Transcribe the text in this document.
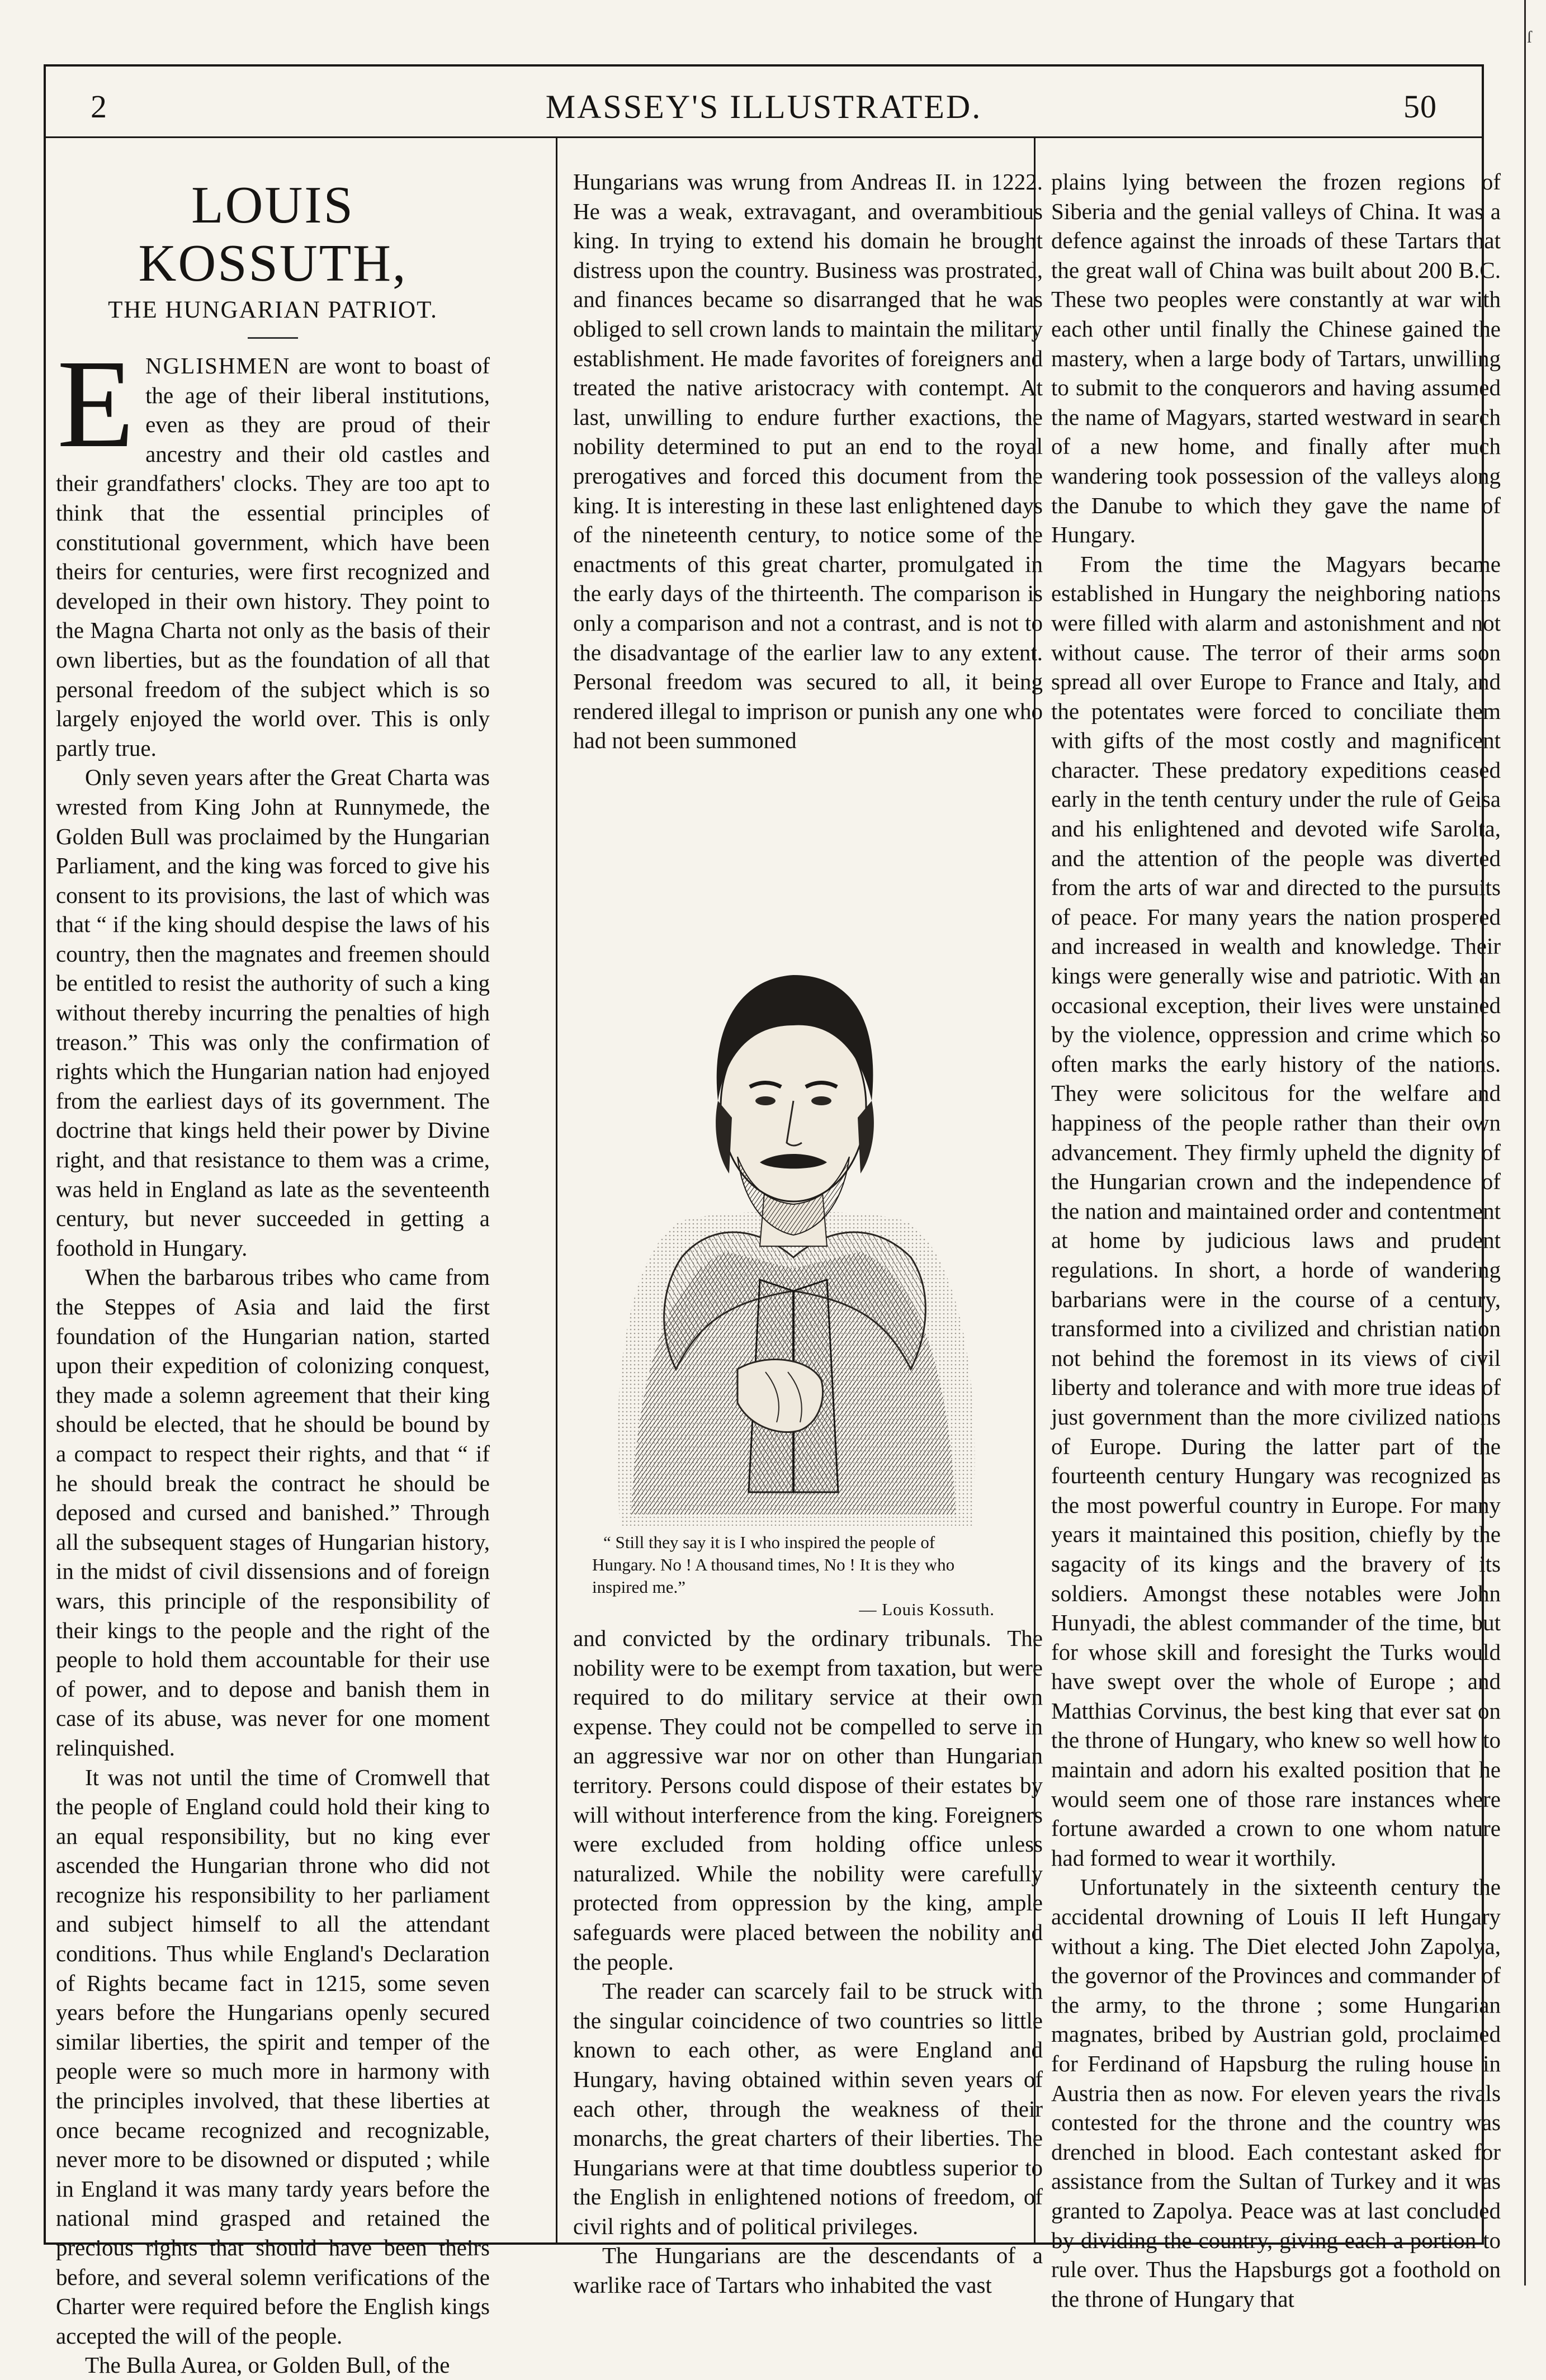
2	MASSEY'S ILLUSTRATED.	50
LOUIS KOSSUTH,
THE HUNGARIAN PATRIOT.

ENGLISHMEN are wont to boast of the age of their liberal institutions, even as they are proud of their ancestry and their old castles and their grandfathers' clocks. They are too apt to think that the essential principles of constitutional government, which have been theirs for centuries, were first recognized and developed in their own history. They point to the Magna Charta not only as the basis of their own liberties, but as the foundation of all that personal freedom of the subject which is so largely enjoyed the world over. This is only partly true.

Only seven years after the Great Charta was wrested from King John at Runnymede, the Golden Bull was proclaimed by the Hungarian Parliament, and the king was forced to give his consent to its provisions, the last of which was that “ if the king should despise the laws of his country, then the magnates and freemen should be entitled to resist the authority of such a king without thereby incurring the penalties of high treason.” This was only the confirmation of rights which the Hungarian nation had enjoyed from the earliest days of its government. The doctrine that kings held their power by Divine right, and that resistance to them was a crime, was held in England as late as the seventeenth century, but never succeeded in getting a foothold in Hungary.

When the barbarous tribes who came from the Steppes of Asia and laid the first foundation of the Hungarian nation, started upon their expedition of colonizing conquest, they made a solemn agreement that their king should be elected, that he should be bound by a compact to respect their rights, and that “ if he should break the contract he should be deposed and cursed and banished.” Through all the subsequent stages of Hungarian history, in the midst of civil dissensions and of foreign wars, this principle of the responsibility of their kings to the people and the right of the people to hold them accountable for their use of power, and to depose and banish them in case of its abuse, was never for one moment relinquished.

It was not until the time of Cromwell that the people of England could hold their king to an equal responsibility, but no king ever ascended the Hungarian throne who did not recognize his responsibility to her parliament and subject himself to all the attendant conditions. Thus while England's Declaration of Rights became fact in 1215, some seven years before the Hungarians openly secured similar liberties, the spirit and temper of the people were so much more in harmony with the principles involved, that these liberties at once became recognized and recognizable, never more to be disowned or disputed ; while in England it was many tardy years before the national mind grasped and retained the precious rights that should have been theirs before, and several solemn verifications of the Charter were required before the English kings accepted the will of the people.

The Bulla Aurea, or Golden Bull, of the

Hungarians was wrung from Andreas II. in 1222. He was a weak, extravagant, and overambitious king. In trying to extend his domain he brought distress upon the country. Business was prostrated, and finances became so disarranged that he was obliged to sell crown lands to maintain the military establishment. He made favorites of foreigners and treated the native aristocracy with contempt. At last, unwilling to endure further exactions, the nobility determined to put an end to the royal prerogatives and forced this document from the king. It is interesting in these last enlightened days of the nineteenth century, to notice some of the enactments of this great charter, promulgated in the early days of the thirteenth. The comparison is only a comparison and not a contrast, and is not to the disadvantage of the earlier law to any extent. Personal freedom was secured to all, it being rendered illegal to imprison or punish any one who had not been summoned

“ Still they say it is I who inspired the people of Hungary. No ! A thousand times, No ! It is they who inspired me.”
— Louis Kossuth.

and convicted by the ordinary tribunals. The nobility were to be exempt from taxation, but were required to do military service at their own expense. They could not be compelled to serve in an aggressive war nor on other than Hungarian territory. Persons could dispose of their estates by will without interference from the king. Foreigners were excluded from holding office unless naturalized. While the nobility were carefully protected from oppression by the king, ample safeguards were placed between the nobility and the people.

The reader can scarcely fail to be struck with the singular coincidence of two countries so little known to each other, as were England and Hungary, having obtained within seven years of each other, through the weakness of their monarchs, the great charters of their liberties. The Hungarians were at that time doubtless superior to the English in enlightened notions of freedom, of civil rights and of political privileges.

The Hungarians are the descendants of a warlike race of Tartars who inhabited the vast

plains lying between the frozen regions of Siberia and the genial valleys of China. It was a defence against the inroads of these Tartars that the great wall of China was built about 200 B.C. These two peoples were constantly at war with each other until finally the Chinese gained the mastery, when a large body of Tartars, unwilling to submit to the conquerors and having assumed the name of Magyars, started westward in search of a new home, and finally after much wandering took possession of the valleys along the Danube to which they gave the name of Hungary.

From the time the Magyars became established in Hungary the neighboring nations were filled with alarm and astonishment and not without cause. The terror of their arms soon spread all over Europe to France and Italy, and the potentates were forced to conciliate them with gifts of the most costly and magnificent character. These predatory expeditions ceased early in the tenth century under the rule of Geisa and his enlightened and devoted wife Sarolta, and the attention of the people was diverted from the arts of war and directed to the pursuits of peace. For many years the nation prospered and increased in wealth and knowledge. Their kings were generally wise and patriotic. With an occasional exception, their lives were unstained by the violence, oppression and crime which so often marks the early history of the nations. They were solicitous for the welfare and happiness of the people rather than their own advancement. They firmly upheld the dignity of the Hungarian crown and the independence of the nation and maintained order and contentment at home by judicious laws and prudent regulations. In short, a horde of wandering barbarians were in the course of a century, transformed into a civilized and christian nation not behind the foremost in its views of civil liberty and tolerance and with more true ideas of just government than the more civilized nations of Europe. During the latter part of the fourteenth century Hungary was recognized as the most powerful country in Europe. For many years it maintained this position, chiefly by the sagacity of its kings and the bravery of its soldiers. Amongst these notables were John Hunyadi, the ablest commander of the time, but for whose skill and foresight the Turks would have swept over the whole of Europe ; and Matthias Corvinus, the best king that ever sat on the throne of Hungary, who knew so well how to maintain and adorn his exalted position that he would seem one of those rare instances where fortune awarded a crown to one whom nature had formed to wear it worthily.

Unfortunately in the sixteenth century the accidental drowning of Louis II left Hungary without a king. The Diet elected John Zapolya, the governor of the Provinces and commander of the army, to the throne ; some Hungarian magnates, bribed by Austrian gold, proclaimed for Ferdinand of Hapsburg the ruling house in Austria then as now. For eleven years the rivals contested for the throne and the country was drenched in blood. Each contestant asked for assistance from the Sultan of Turkey and it was granted to Zapolya. Peace was at last concluded by dividing the country, giving each a portion to rule over. Thus the Hapsburgs got a foothold on the throne of Hungary that

ſ
